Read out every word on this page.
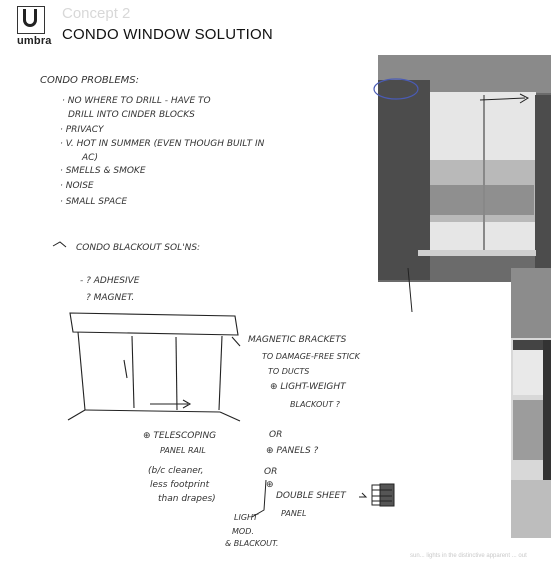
umbra
Concept 2
CONDO WINDOW SOLUTION
CONDO PROBLEMS:
· NO WHERE TO DRILL - HAVE TO
DRILL INTO CINDER BLOCKS
· PRIVACY
· V. HOT IN SUMMER (EVEN THOUGH BUILT IN
AC)
· SMELLS & SMOKE
· NOISE
· SMALL SPACE
CONDO BLACKOUT SOL'NS:
- ? ADHESIVE
? MAGNET.
MAGNETIC BRACKETS
TO DAMAGE-FREE STICK
TO DUCTS
⊕ LIGHT-WEIGHT
BLACKOUT ?
OR
⊕ PANELS ?
OR
⊕
DOUBLE SHEET
PANEL
⊕ TELESCOPING
PANEL RAIL
(b/c cleaner,
less footprint
than drapes)
LIGHT
MOD.
& BLACKOUT.
sun... lights in the distinctive apparent ... out
